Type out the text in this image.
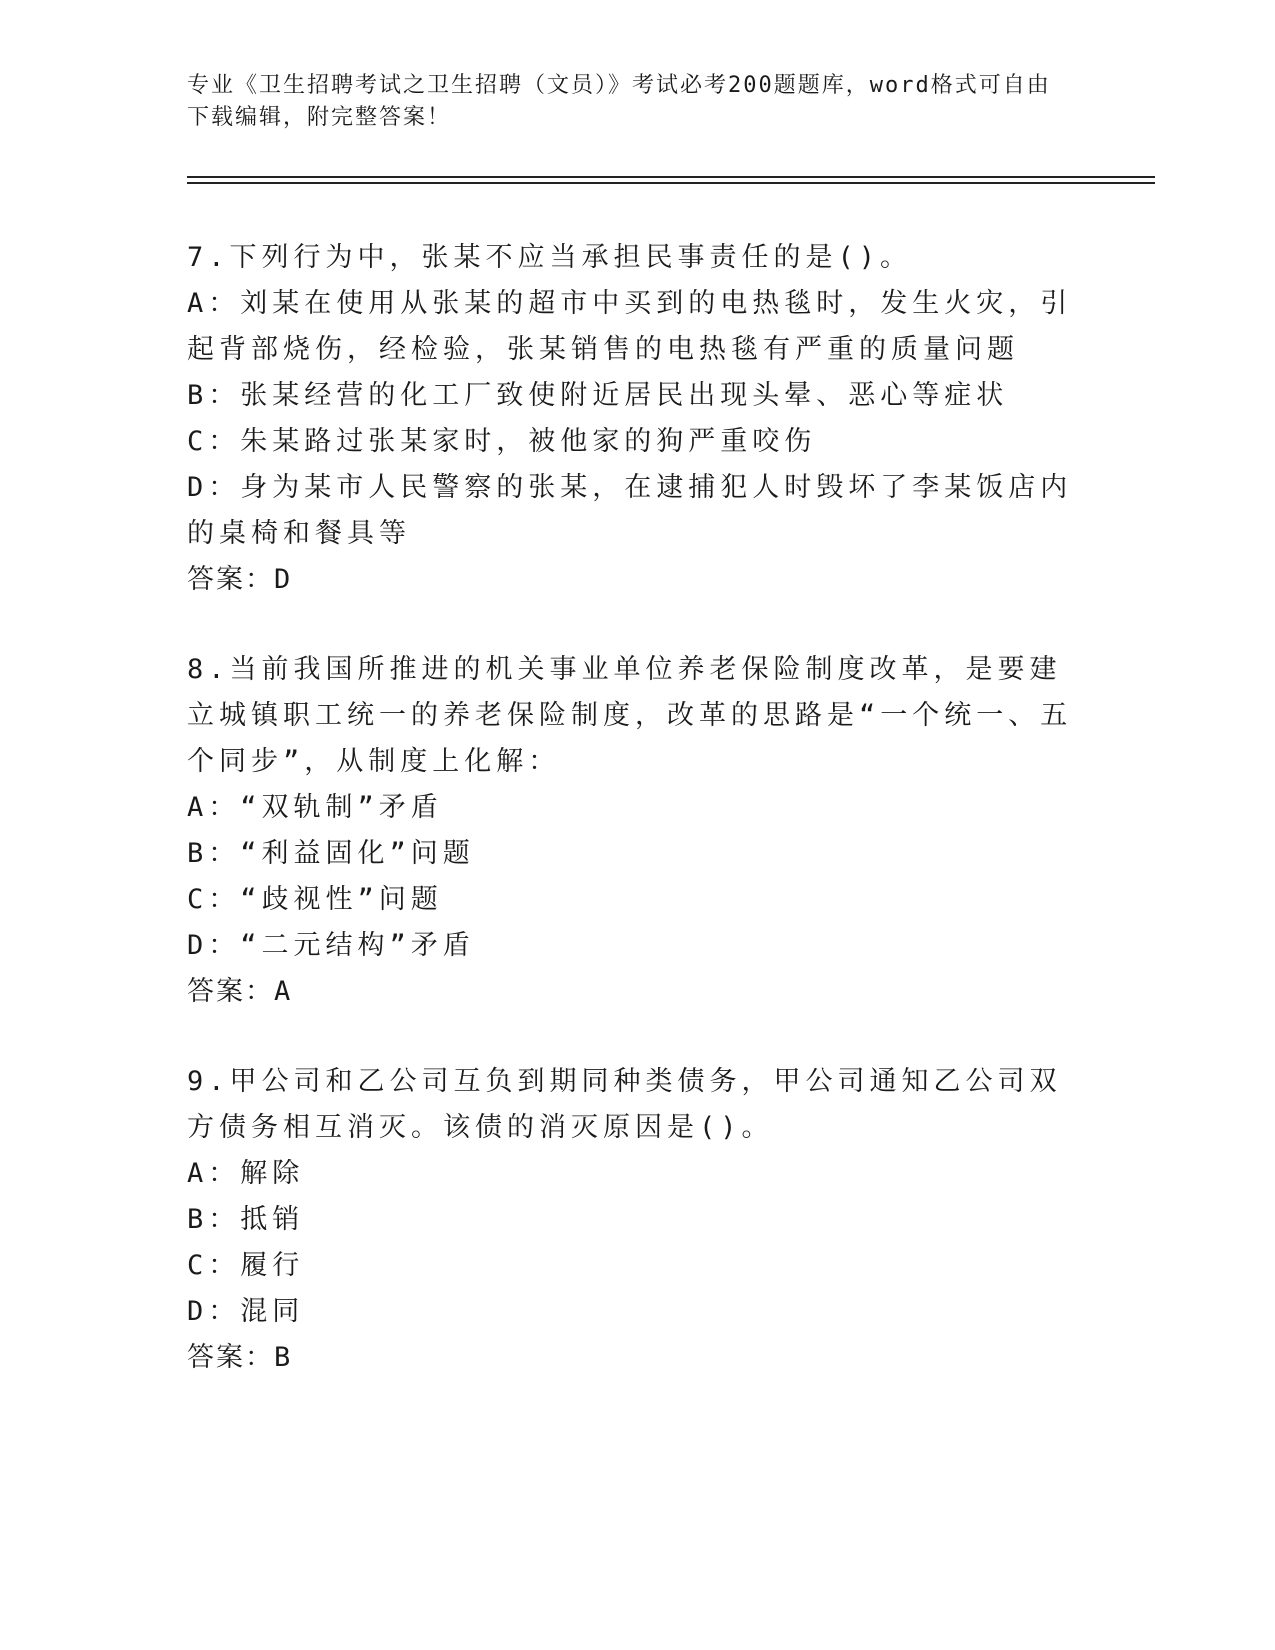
专业《卫生招聘考试之卫生招聘（文员）》考试必考200题题库，word格式可自由下载编辑，附完整答案！
7.下列行为中，张某不应当承担民事责任的是()。
A：刘某在使用从张某的超市中买到的电热毯时，发生火灾，引起背部烧伤，经检验，张某销售的电热毯有严重的质量问题
B：张某经营的化工厂致使附近居民出现头晕、恶心等症状
C：朱某路过张某家时，被他家的狗严重咬伤
D：身为某市人民警察的张某，在逮捕犯人时毁坏了李某饭店内的桌椅和餐具等
答案：D
8.当前我国所推进的机关事业单位养老保险制度改革，是要建立城镇职工统一的养老保险制度，改革的思路是“一个统一、五个同步”，从制度上化解：
A：“双轨制”矛盾
B：“利益固化”问题
C：“歧视性”问题
D：“二元结构”矛盾
答案：A
9.甲公司和乙公司互负到期同种类债务，甲公司通知乙公司双方债务相互消灭。该债的消灭原因是()。
A：解除
B：抵销
C：履行
D：混同
答案：B
